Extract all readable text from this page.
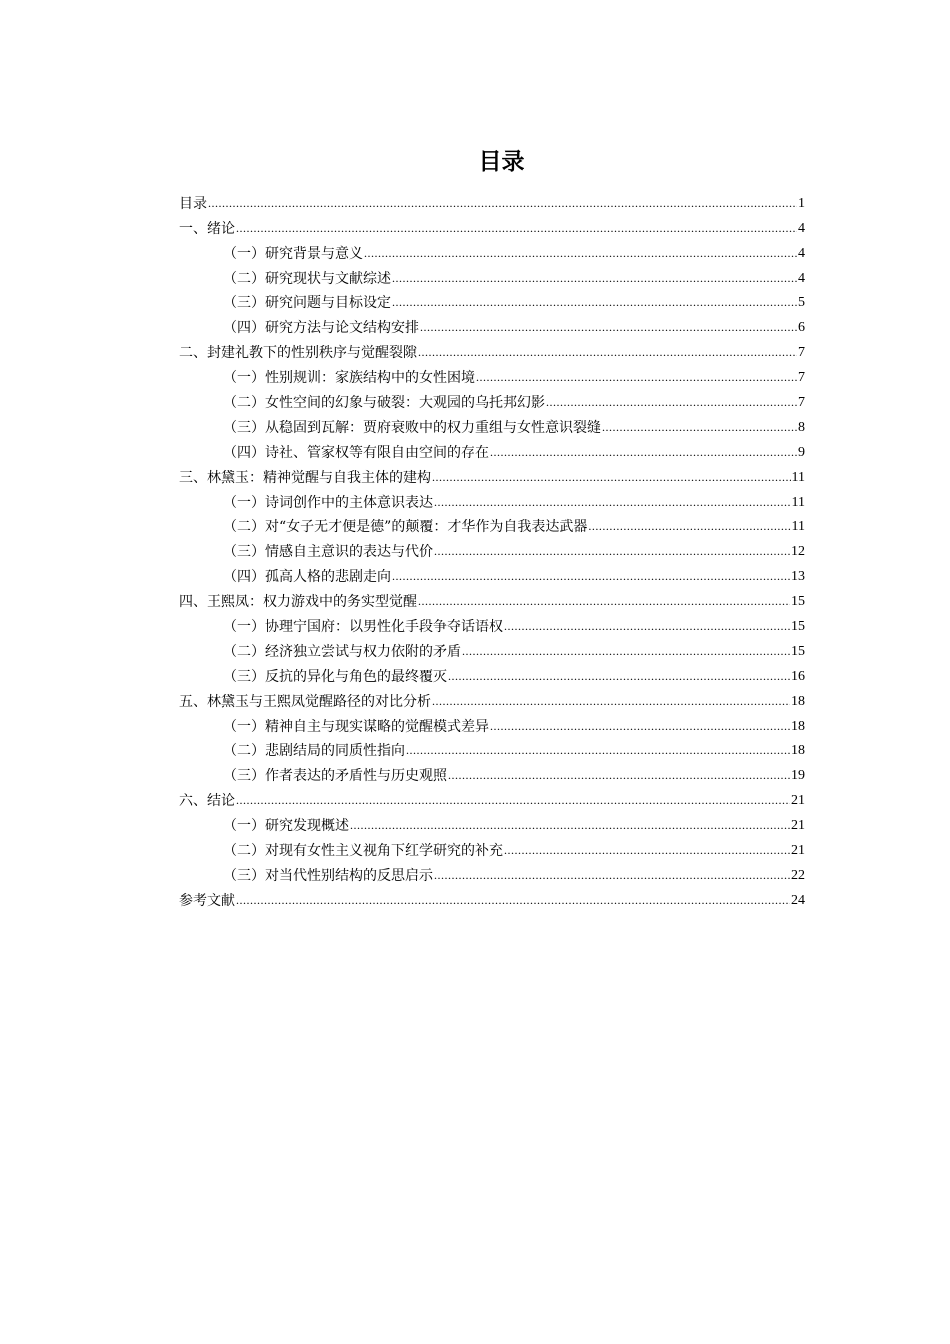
目录
目录 .....	1
一、绪论 .....	4
（一）研究背景与意义 .....	4
（二）研究现状与文献综述 .....	4
（三）研究问题与目标设定 .....	5
（四）研究方法与论文结构安排 .....	6
二、封建礼教下的性别秩序与觉醒裂隙 .....	7
（一）性别规训：家族结构中的女性困境 .....	7
（二）女性空间的幻象与破裂：大观园的乌托邦幻影 .....	7
（三）从稳固到瓦解：贾府衰败中的权力重组与女性意识裂缝 .....	8
（四）诗社、管家权等有限自由空间的存在 .....	9
三、林黛玉：精神觉醒与自我主体的建构 .....	11
（一）诗词创作中的主体意识表达 .....	11
（二）对“女子无才便是德”的颠覆：才华作为自我表达武器 .....	11
（三）情感自主意识的表达与代价 .....	12
（四）孤高人格的悲剧走向 .....	13
四、王熙凤：权力游戏中的务实型觉醒 .....	15
（一）协理宁国府：以男性化手段争夺话语权 .....	15
（二）经济独立尝试与权力依附的矛盾 .....	15
（三）反抗的异化与角色的最终覆灭 .....	16
五、林黛玉与王熙凤觉醒路径的对比分析 .....	18
（一）精神自主与现实谋略的觉醒模式差异 .....	18
（二）悲剧结局的同质性指向 .....	18
（三）作者表达的矛盾性与历史观照 .....	19
六、结论 .....	21
（一）研究发现概述 .....	21
（二）对现有女性主义视角下红学研究的补充 .....	21
（三）对当代性别结构的反思启示 .....	22
参考文献 .....	24
